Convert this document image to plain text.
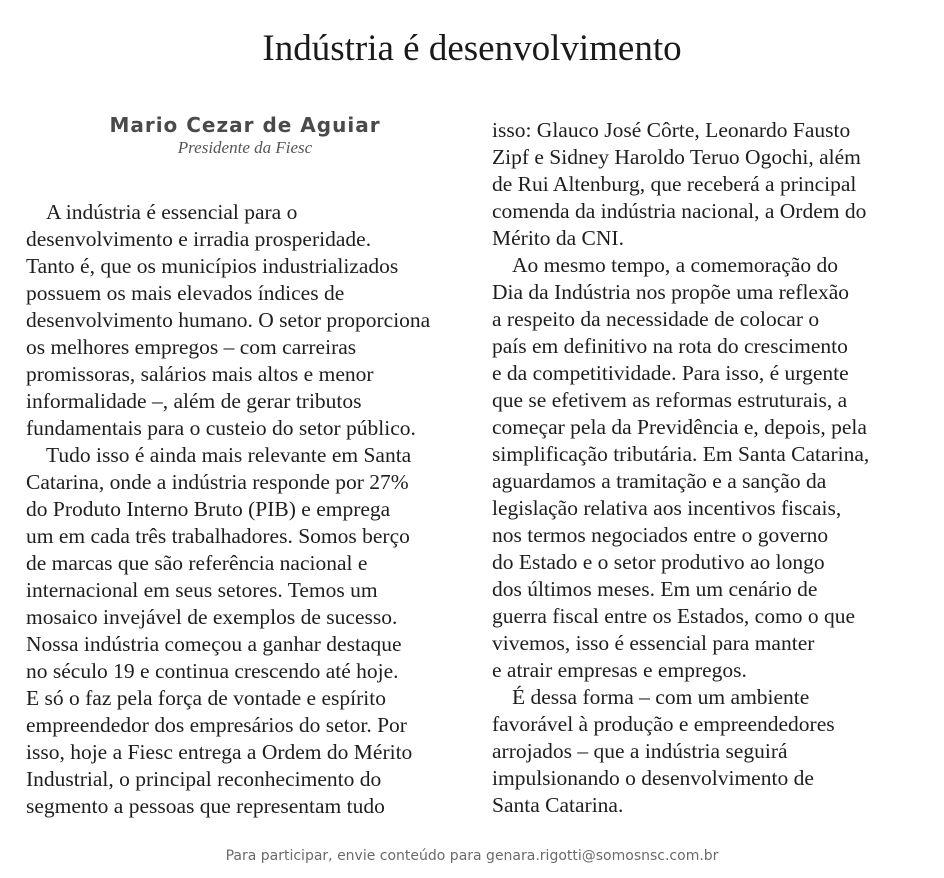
Indústria é desenvolvimento
Mario Cezar de Aguiar
Presidente da Fiesc
A indústria é essencial para o
desenvolvimento e irradia prosperidade.
Tanto é, que os municípios industrializados
possuem os mais elevados índices de
desenvolvimento humano. O setor proporciona
os melhores empregos – com carreiras
promissoras, salários mais altos e menor
informalidade –, além de gerar tributos
fundamentais para o custeio do setor público.
Tudo isso é ainda mais relevante em Santa
Catarina, onde a indústria responde por 27%
do Produto Interno Bruto (PIB) e emprega
um em cada três trabalhadores. Somos berço
de marcas que são referência nacional e
internacional em seus setores. Temos um
mosaico invejável de exemplos de sucesso.
Nossa indústria começou a ganhar destaque
no século 19 e continua crescendo até hoje.
E só o faz pela força de vontade e espírito
empreendedor dos empresários do setor. Por
isso, hoje a Fiesc entrega a Ordem do Mérito
Industrial, o principal reconhecimento do
segmento a pessoas que representam tudo
isso: Glauco José Côrte, Leonardo Fausto
Zipf e Sidney Haroldo Teruo Ogochi, além
de Rui Altenburg, que receberá a principal
comenda da indústria nacional, a Ordem do
Mérito da CNI.
Ao mesmo tempo, a comemoração do
Dia da Indústria nos propõe uma reflexão
a respeito da necessidade de colocar o
país em definitivo na rota do crescimento
e da competitividade. Para isso, é urgente
que se efetivem as reformas estruturais, a
começar pela da Previdência e, depois, pela
simplificação tributária. Em Santa Catarina,
aguardamos a tramitação e a sanção da
legislação relativa aos incentivos fiscais,
nos termos negociados entre o governo
do Estado e o setor produtivo ao longo
dos últimos meses. Em um cenário de
guerra fiscal entre os Estados, como o que
vivemos, isso é essencial para manter
e atrair empresas e empregos.
É dessa forma – com um ambiente
favorável à produção e empreendedores
arrojados – que a indústria seguirá
impulsionando o desenvolvimento de
Santa Catarina.
Para participar, envie conteúdo para genara.rigotti@somosnsc.com.br
